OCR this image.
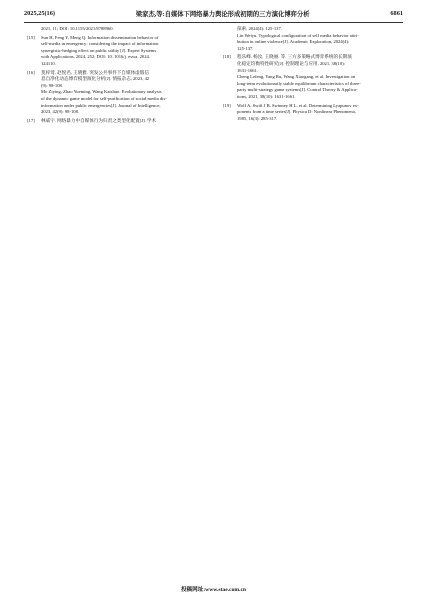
2025,25(16)	梁家杰,等:自媒体下网络暴力舆论形成初期的三方演化博弈分析	6861
2021, 11; DOI: 10.1155/2021/8788960.
[15] Sun H, Feng Y, Meng Q. Information dissemination behavior of
self-media in emergency: considering the impact of information
synergistic-hedging effect on public utility [J]. Expert Systems
with Applications, 2024, 252; DOI: 10. 1016/j. eswa. 2024.
124110.
[16] 莫梓莺, 赵悦名, 王晓雅. 突发公共事件下自媒体虚假信
息自净化动态博弈模型演化分析[J]. 情报杂志, 2023, 42
(9): 98-108.
Mo Ziying, Zhao Yueming, Wang Kaishuo. Evolutionary analysis
of the dynamic game model for self-purification of social media dis-
information under public emergencies[J]. Journal of Intelligence,
2023, 42(9): 98-108.
[17] 林威宇. 网络暴力中自媒体行为归责之类型化配置[J]. 学术
探索, 2024(4): 125-137.
Lin Weiyu. Typological configuration of self media behavior attri-
bution in online violence[J]. Academic Exploration, 2024(4):
125-137.
[18] 程乐峰, 杨汝, 王晓丽, 等. 三方多策略式博弈系统的长期演
化稳定均衡特性研究[J]. 控制理论与应用, 2021, 38(10):
1631-1661.
Cheng Lefeng, Yang Ru, Wang Xiaogang, et al. Investigation on
long-term evolutionarily stable equilibrium characteristics of three-
party multi-strategy game systems[J]. Control Theory & Applica-
tions, 2021, 38(10): 1631-1661.
[19] Wolf A, Swift J B, Swinney H L, et al. Determining Lyapunov ex-
ponents from a time series[J]. Physica D: Nonlinear Phenomena,
1985, 16(3): 285-317.
投稿网址:www.stae.com.cn
